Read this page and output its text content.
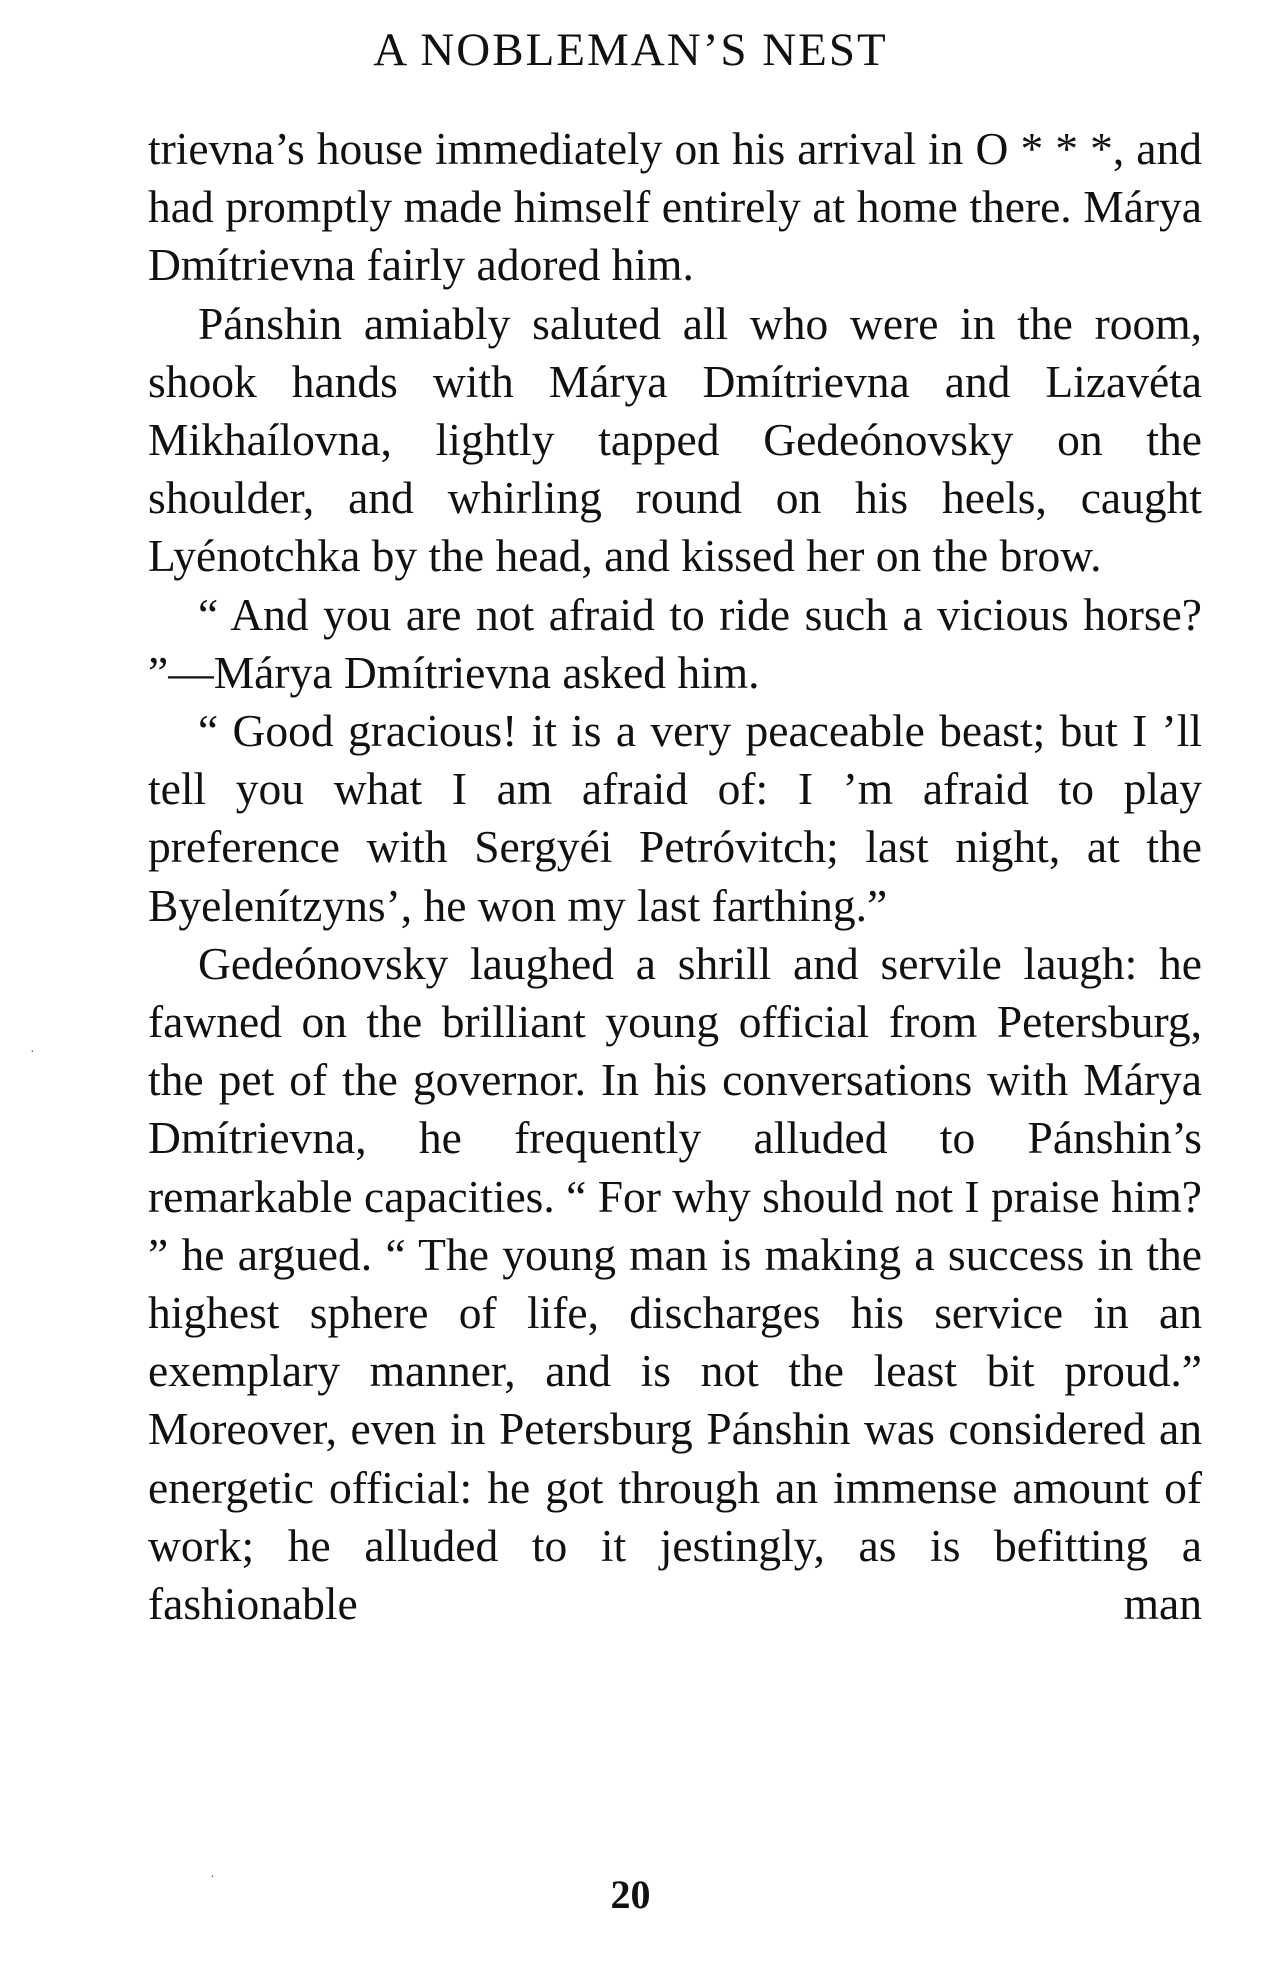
A NOBLEMAN’S NEST

trievna’s house immediately on his arrival in O * * *, and had promptly made himself entirely at home there. Márya Dmítrievna fairly adored him.

Pánshin amiably saluted all who were in the room, shook hands with Márya Dmítrievna and Lizavéta Mikhaílovna, lightly tapped Gedeónovsky on the shoulder, and whirling round on his heels, caught Lyénotchka by the head, and kissed her on the brow.

“ And you are not afraid to ride such a vicious horse? ”—Márya Dmítrievna asked him.

“ Good gracious! it is a very peaceable beast; but I ’ll tell you what I am afraid of: I ’m afraid to play preference with Sergyéi Petróvitch; last night, at the Byelenítzyns’, he won my last farthing.”

Gedeónovsky laughed a shrill and servile laugh: he fawned on the brilliant young official from Petersburg, the pet of the governor. In his conversations with Márya Dmítrievna, he frequently alluded to Pánshin’s remarkable capacities. “ For why should not I praise him? ” he argued. “ The young man is making a success in the highest sphere of life, discharges his service in an exemplary manner, and is not the least bit proud.” Moreover, even in Petersburg Pánshin was considered an energetic official: he got through an immense amount of work; he alluded to it jestingly, as is befitting a fashionable man

·
·	20
